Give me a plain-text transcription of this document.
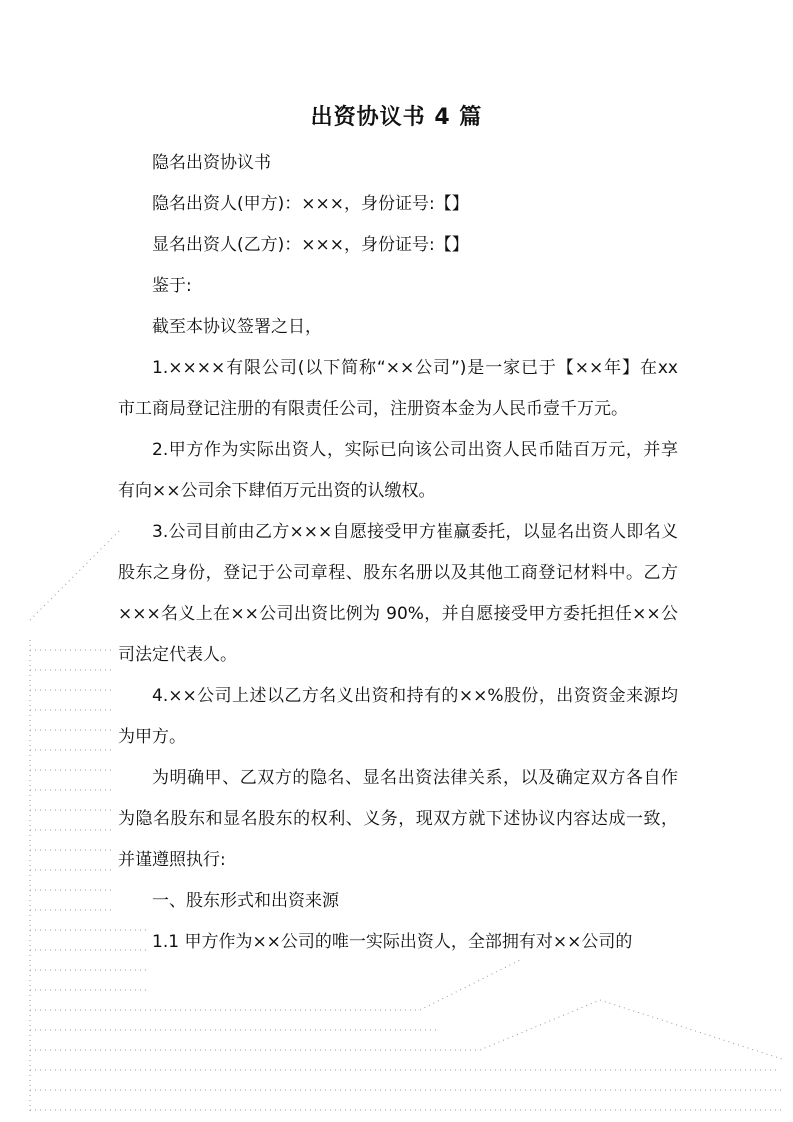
出资协议书 4 篇

隐名出资协议书

隐名出资人(甲方)：×××，身份证号:【】

显名出资人(乙方)：×××，身份证号:【】

鉴于:

截至本协议签署之日，

1.××××有限公司(以下简称“××公司”)是一家已于【××年】在xx 市工商局登记注册的有限责任公司，注册资本金为人民币壹千万元。

2.甲方作为实际出资人，实际已向该公司出资人民币陆百万元，并享有向××公司余下肆佰万元出资的认缴权。

3.公司目前由乙方×××自愿接受甲方崔赢委托，以显名出资人即名义股东之身份，登记于公司章程、股东名册以及其他工商登记材料中。乙方×××名义上在××公司出资比例为 90%，并自愿接受甲方委托担任××公司法定代表人。

4.××公司上述以乙方名义出资和持有的××%股份，出资资金来源均为甲方。

为明确甲、乙双方的隐名、显名出资法律关系，以及确定双方各自作为隐名股东和显名股东的权利、义务，现双方就下述协议内容达成一致，并谨遵照执行:

一、股东形式和出资来源

1.1 甲方作为××公司的唯一实际出资人，全部拥有对××公司的
